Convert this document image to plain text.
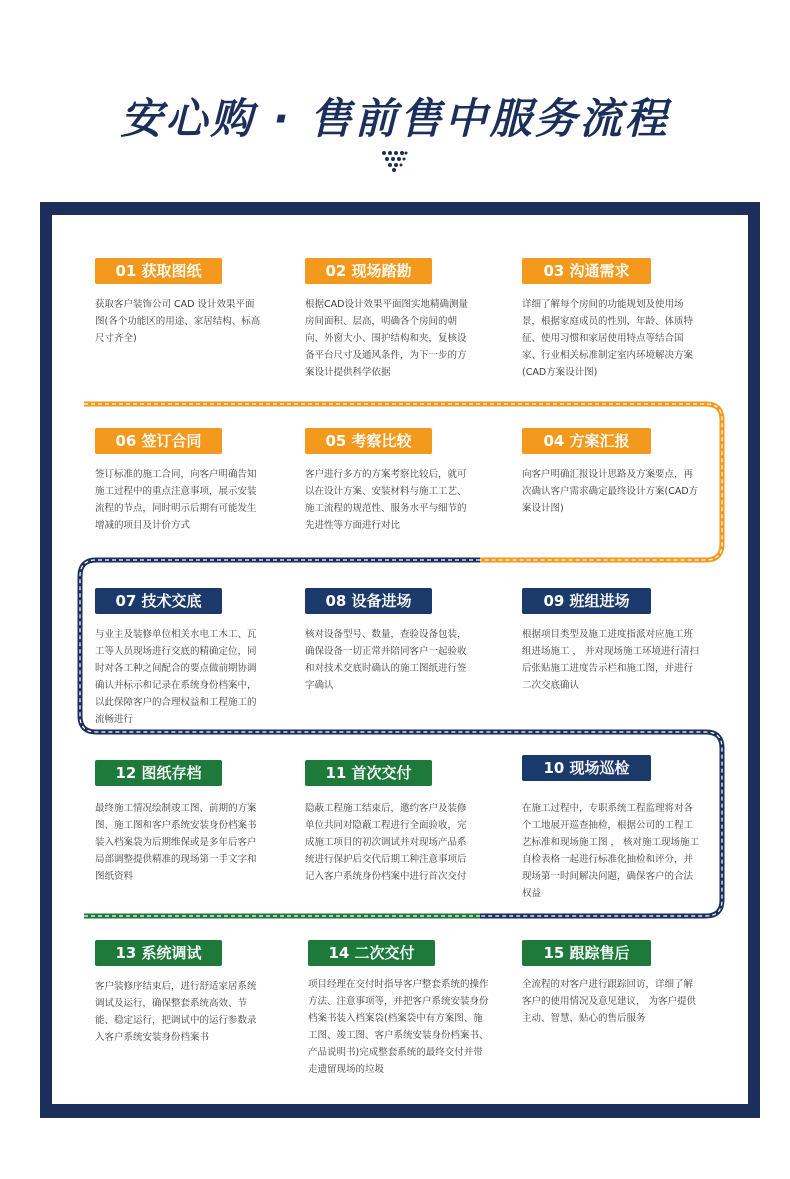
安心购 · 售前售中服务流程
01 获取图纸
获取客户装饰公司 CAD 设计效果平面图(各个功能区的用途、家居结构、标高尺寸齐全)
02 现场踏勘
根据CAD设计效果平面图实地精确测量房间面积、层高，明确各个房间的朝向、外窗大小、围护结构和夹，复核设备平台尺寸及通风条件，为下一步的方案设计提供科学依据
03 沟通需求
详细了解每个房间的功能规划及使用场景，根据家庭成员的性别、年龄、体质特征、使用习惯和家居使用特点等结合国家、行业相关标准制定室内环境解决方案(CAD方案设计图)
06 签订合同
签订标准的施工合同，向客户明确告知施工过程中的重点注意事项，展示安装流程的节点，同时明示后期有可能发生增减的项目及计价方式
05 考察比较
客户进行多方的方案考察比较后，就可以在设计方案、安装材料与施工工艺、施工流程的规范性、服务水平与细节的先进性等方面进行对比
04 方案汇报
向客户明确汇报设计思路及方案要点，再次确认客户需求确定最终设计方案(CAD方案设计图)
07 技术交底
与业主及装修单位相关水电工木工、瓦工等人员现场进行交底的精确定位，同时对各工种之间配合的要点做前期协调确认并标示和记录在系统身份档案中，以此保障客户的合理权益和工程施工的流畅进行
08 设备进场
核对设备型号、数量，查验设备包装，确保设备一切正常并陪同客户一起验收和对技术交底时确认的施工图纸进行签字确认
09 班组进场
根据项目类型及施工进度指派对应施工班组进场施工 ， 并对现场施工环境进行清扫后张贴施工进度告示栏和施工图，并进行二次交底确认
12 图纸存档
最终施工情况绘制竣工图、前期的方案图、施工图和客户系统安装身份档案书装入档案袋为后期维保或是多年后客户局部调整提供精准的现场第一手文字和图纸资料
11 首次交付
隐蔽工程施工结束后，邀约客户及装修单位共同对隐蔽工程进行全面验收，完成施工项目的初次调试并对现场产品系统进行保护后交代后期工种注意事项后记入客户系统身份档案中进行首次交付
10 现场巡检
在施工过程中，专职系统工程监理将对各个工地展开巡查抽检，根据公司的工程工艺标准和现场施工图 ， 核对施工现场施工自检表格一起进行标准化抽检和评分，并现场第一时间解决问题，确保客户的合法权益
13 系统调试
客户装修序结束后，进行舒适家居系统调试及运行，确保整套系统高效、节能、稳定运行，把调试中的运行参数录入客户系统安装身份档案书
14 二次交付
项目经理在交付时指导客户整套系统的操作方法、注意事项等，并把客户系统安装身份档案书装入档案袋(档案袋中有方案图、施工图、竣工图、客户系统安装身份档案书、产品说明书)完成整套系统的最终交付并带走遗留现场的垃圾
15 跟踪售后
全流程的对客户进行跟踪回访，详细了解客户的使用情况及意见建议， 为客户提供主动、智慧、贴心的售后服务
